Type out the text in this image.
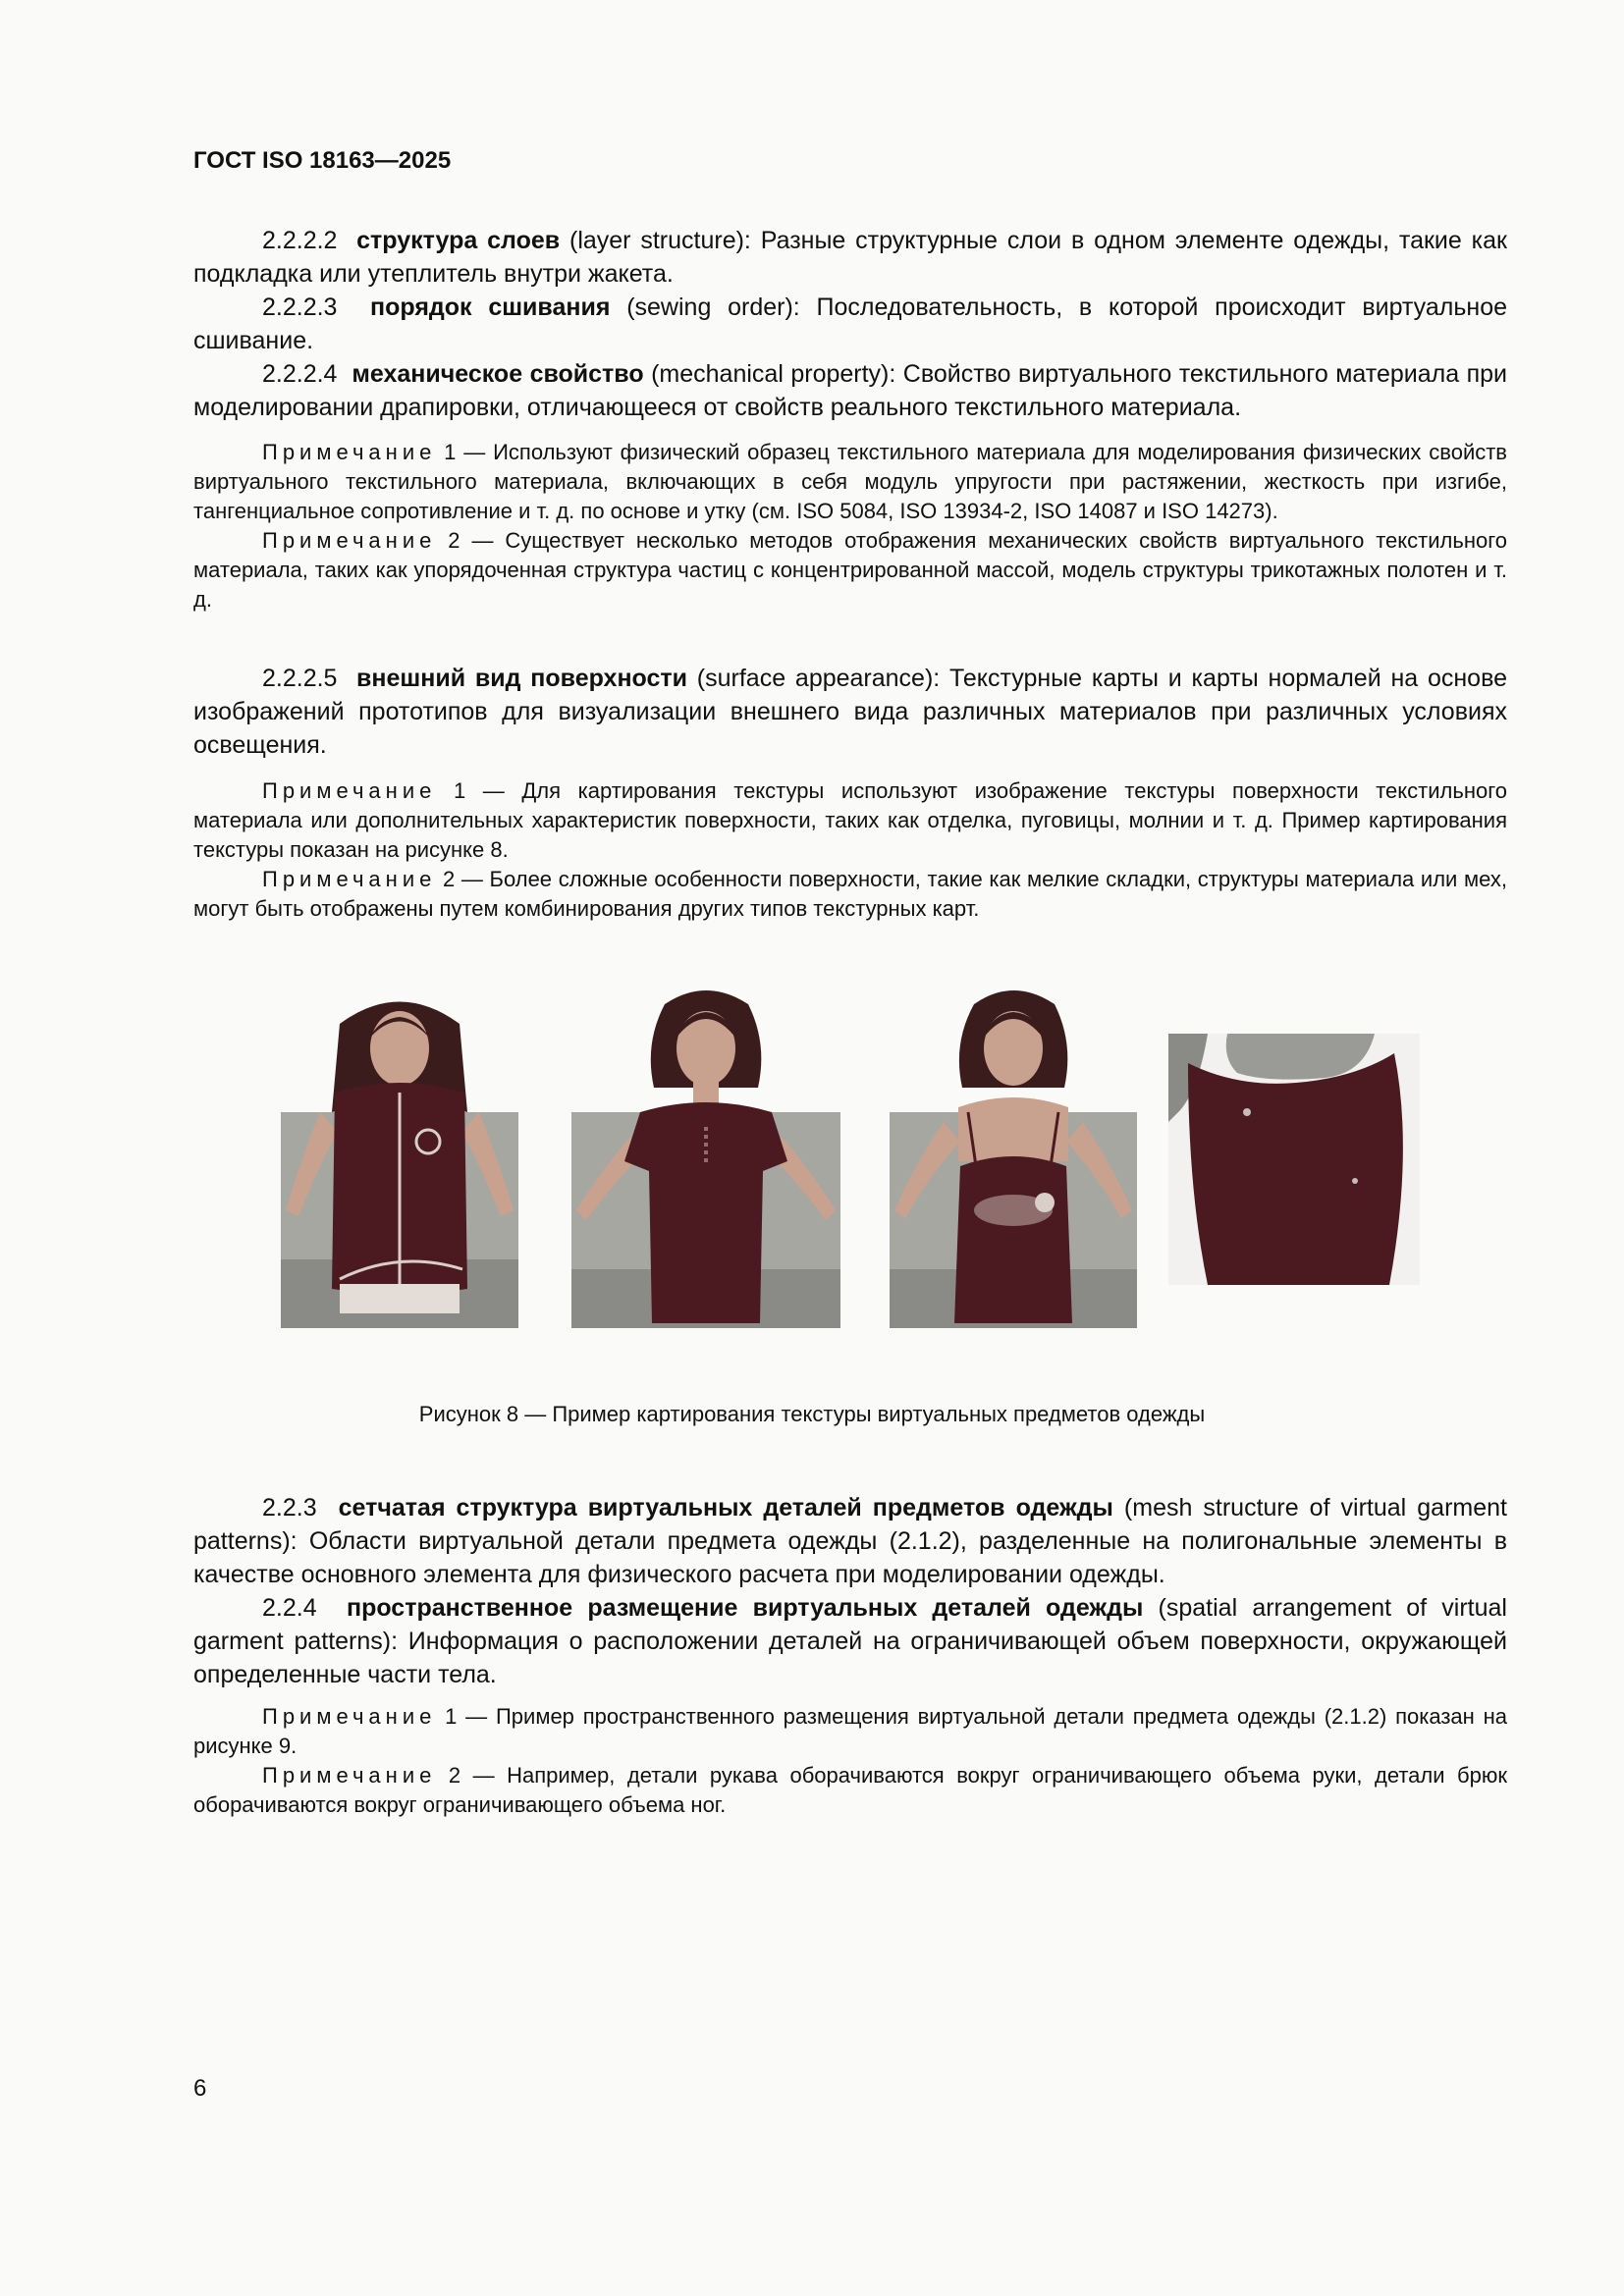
ГОСТ ISO 18163—2025

2.2.2.2 структура слоев (layer structure): Разные структурные слои в одном элементе одежды, такие как подкладка или утеплитель внутри жакета.

2.2.2.3 порядок сшивания (sewing order): Последовательность, в которой происходит виртуальное сшивание.

2.2.2.4 механическое свойство (mechanical property): Свойство виртуального текстильного материала при моделировании драпировки, отличающееся от свойств реального текстильного материала.

Примечание 1 — Используют физический образец текстильного материала для моделирования физических свойств виртуального текстильного материала, включающих в себя модуль упругости при растяжении, жесткость при изгибе, тангенциальное сопротивление и т. д. по основе и утку (см. ISO 5084, ISO 13934-2, ISO 14087 и ISO 14273).

Примечание 2 — Существует несколько методов отображения механических свойств виртуального текстильного материала, таких как упорядоченная структура частиц с концентрированной массой, модель структуры трикотажных полотен и т. д.

2.2.2.5 внешний вид поверхности (surface appearance): Текстурные карты и карты нормалей на основе изображений прототипов для визуализации внешнего вида различных материалов при различных условиях освещения.

Примечание 1 — Для картирования текстуры используют изображение текстуры поверхности текстильного материала или дополнительных характеристик поверхности, таких как отделка, пуговицы, молнии и т. д. Пример картирования текстуры показан на рисунке 8.

Примечание 2 — Более сложные особенности поверхности, такие как мелкие складки, структуры материала или мех, могут быть отображены путем комбинирования других типов текстурных карт.

Рисунок 8 — Пример картирования текстуры виртуальных предметов одежды

2.2.3 сетчатая структура виртуальных деталей предметов одежды (mesh structure of virtual garment patterns): Области виртуальной детали предмета одежды (2.1.2), разделенные на полигональные элементы в качестве основного элемента для физического расчета при моделировании одежды.

2.2.4 пространственное размещение виртуальных деталей одежды (spatial arrangement of virtual garment patterns): Информация о расположении деталей на ограничивающей объем поверхности, окружающей определенные части тела.

Примечание 1 — Пример пространственного размещения виртуальной детали предмета одежды (2.1.2) показан на рисунке 9.

Примечание 2 — Например, детали рукава оборачиваются вокруг ограничивающего объема руки, детали брюк оборачиваются вокруг ограничивающего объема ног.

6
